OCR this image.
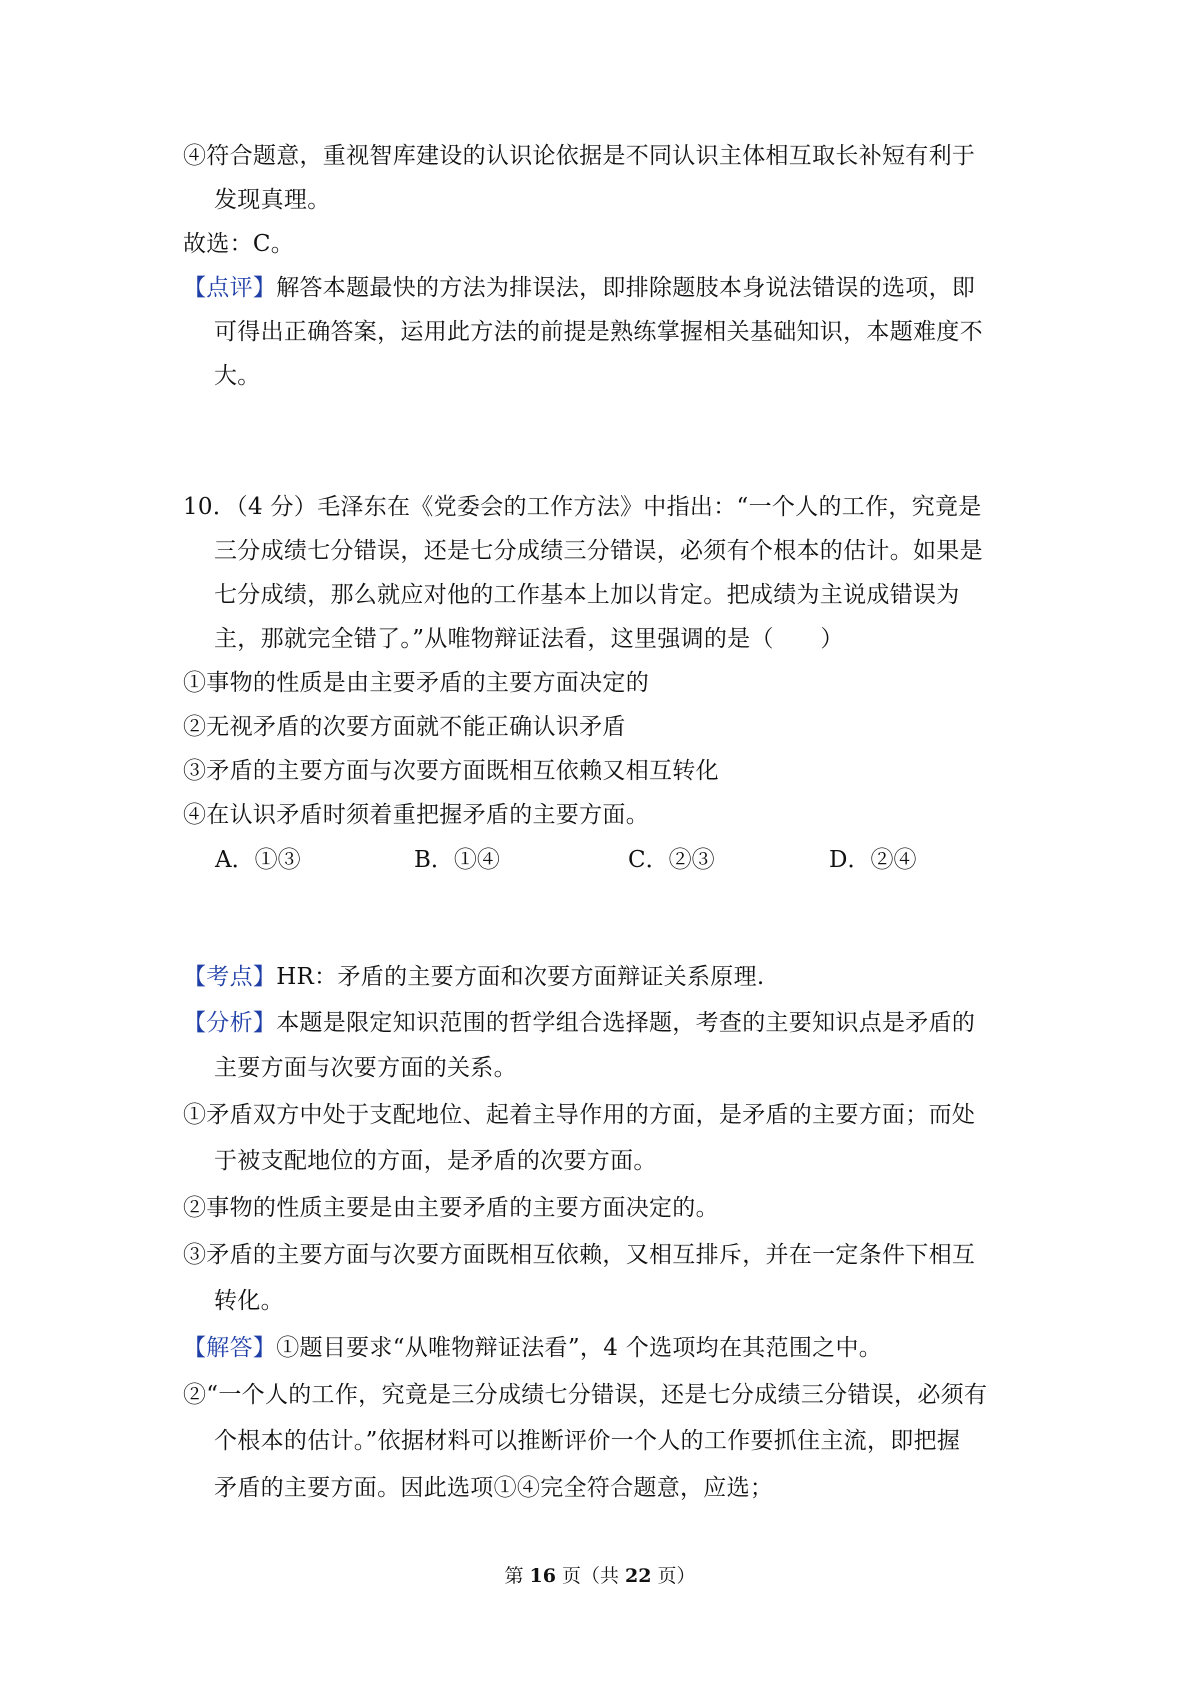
④符合题意，重视智库建设的认识论依据是不同认识主体相互取长补短有利于
发现真理。
故选：C。
【点评】解答本题最快的方法为排误法，即排除题肢本身说法错误的选项，即
可得出正确答案，运用此方法的前提是熟练掌握相关基础知识，本题难度不
大。
10．（4 分）毛泽东在《党委会的工作方法》中指出：“一个人的工作，究竟是
三分成绩七分错误，还是七分成绩三分错误，必须有个根本的估计。如果是
七分成绩，那么就应对他的工作基本上加以肯定。把成绩为主说成错误为
主，那就完全错了。”从唯物辩证法看，这里强调的是（　　）
①事物的性质是由主要矛盾的主要方面决定的
②无视矛盾的次要方面就不能正确认识矛盾
③矛盾的主要方面与次要方面既相互依赖又相互转化
④在认识矛盾时须着重把握矛盾的主要方面。
A．①③	B．①④	C．②③	D．②④
【考点】HR：矛盾的主要方面和次要方面辩证关系原理.
【分析】本题是限定知识范围的哲学组合选择题，考查的主要知识点是矛盾的
主要方面与次要方面的关系。
①矛盾双方中处于支配地位、起着主导作用的方面，是矛盾的主要方面；而处
于被支配地位的方面，是矛盾的次要方面。
②事物的性质主要是由主要矛盾的主要方面决定的。
③矛盾的主要方面与次要方面既相互依赖，又相互排斥，并在一定条件下相互
转化。
【解答】①题目要求“从唯物辩证法看”，4 个选项均在其范围之中。
②“一个人的工作，究竟是三分成绩七分错误，还是七分成绩三分错误，必须有
个根本的估计。”依据材料可以推断评价一个人的工作要抓住主流，即把握
矛盾的主要方面。因此选项①④完全符合题意，应选；
第 16 页（共 22 页）
